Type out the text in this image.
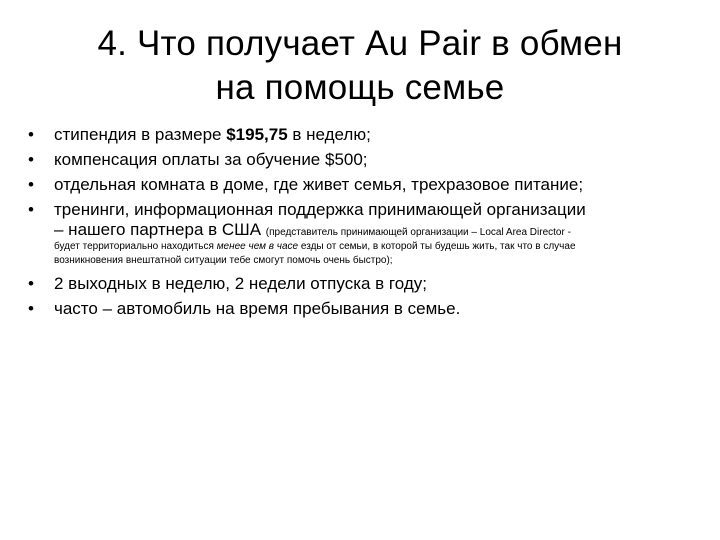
4. Что получает Au Pair в обмен
на помощь семье
• стипендия в размере $195,75 в неделю;
• компенсация оплаты за обучение $500;
• отдельная комната в доме, где живет семья, трехразовое питание;
• тренинги, информационная поддержка принимающей организации
– нашего партнера в США (представитель принимающей организации – Local Area Director -
будет территориально находиться менее чем в часе езды от семьи, в которой ты будешь жить, так что в случае
возникновения внештатной ситуации тебе смогут помочь очень быстро);
• 2 выходных в неделю, 2 недели отпуска в году;
• часто – автомобиль на время пребывания в семье.
